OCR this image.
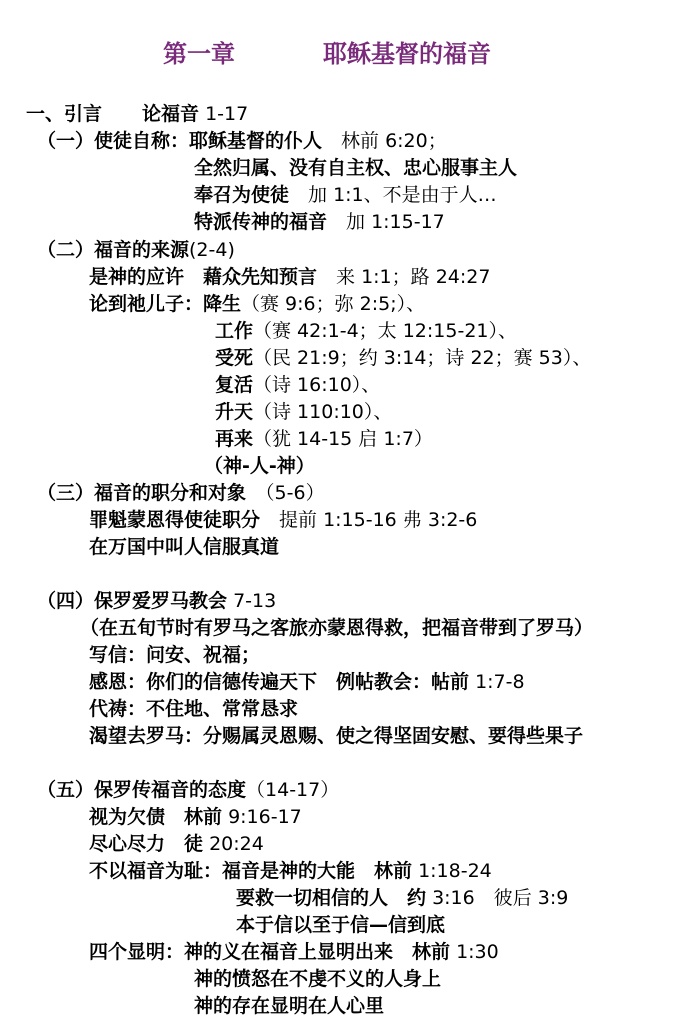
第一章	耶稣基督的福音
一、引言 论福音 1-17
（一）使徒自称：耶稣基督的仆人　 林前 6:20；
全然归属、没有自主权、忠心服事主人
奉召为使徒　 加 1:1、不是由于人…
特派传神的福音　 加 1:15-17
（二）福音的来源(2-4)
是神的应许　藉众先知预言　 来 1:1；路 24:27
论到祂儿子：降生（赛 9:6；弥 2:5;）、
工作（赛 42:1-4；太 12:15-21）、
受死（民 21:9；约 3:14；诗 22；赛 53）、
复活（诗 16:10）、
升天（诗 110:10）、
再来（犹 14-15 启 1:7）
（神-人-神）
（三）福音的职分和对象　 （5-6）
罪魁蒙恩得使徒职分　 提前 1:15-16 弗 3:2-6
在万国中叫人信服真道
（四）保罗爱罗马教会 7-13
（在五旬节时有罗马之客旅亦蒙恩得救，把福音带到了罗马）
写信：问安、祝福；
感恩：你们的信德传遍天下　例帖教会：帖前 1:7-8
代祷：不住地、常常恳求
渴望去罗马：分赐属灵恩赐、使之得坚固安慰、要得些果子
（五）保罗传福音的态度（14-17）
视为欠债　林前 9:16-17
尽心尽力　徒 20:24
不以福音为耻：福音是神的大能　林前 1:18-24
要救一切相信的人　约 3:16　彼后 3:9
本于信以至于信—信到底
四个显明：神的义在福音上显明出来　林前 1:30
神的愤怒在不虔不义的人身上
神的存在显明在人心里
